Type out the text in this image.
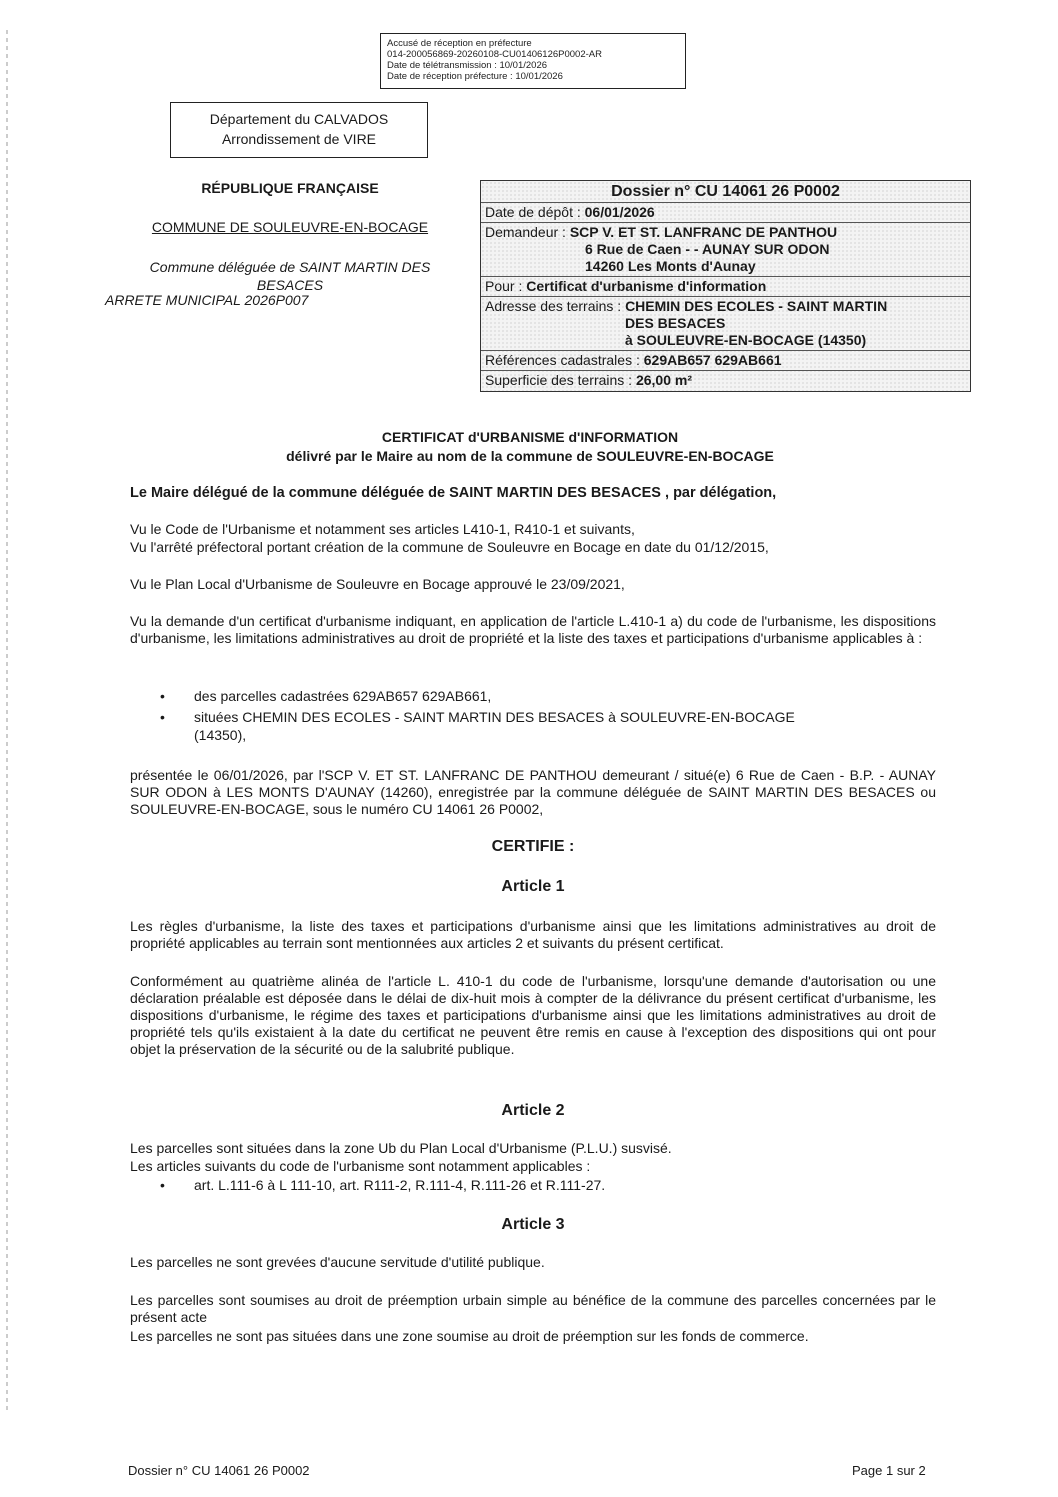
Accusé de réception en préfecture
014-200056869-20260108-CU01406126P0002-AR
Date de télétransmission : 10/01/2026
Date de réception préfecture : 10/01/2026
Département du CALVADOS
Arrondissement de VIRE
RÉPUBLIQUE FRANÇAISE
COMMUNE DE SOULEUVRE-EN-BOCAGE
Commune déléguée de SAINT MARTIN DES
BESACES
ARRETE MUNICIPAL 2026P007
Dossier n° CU 14061 26 P0002
Date de dépôt : 06/01/2026
Demandeur : SCP V. ET ST. LANFRANC DE PANTHOU
6 Rue de Caen - - AUNAY SUR ODON
14260 Les Monts d'Aunay
Pour : Certificat d'urbanisme d'information
Adresse des terrains : CHEMIN DES ECOLES - SAINT MARTIN
DES BESACES
à SOULEUVRE-EN-BOCAGE (14350)
Références cadastrales : 629AB657 629AB661
Superficie des terrains : 26,00 m²
CERTIFICAT d'URBANISME d'INFORMATION
délivré par le Maire au nom de la commune de SOULEUVRE-EN-BOCAGE
Le Maire délégué de la commune déléguée de SAINT MARTIN DES BESACES , par délégation,
Vu le Code de l'Urbanisme et notamment ses articles L410-1, R410-1 et suivants,
Vu l'arrêté préfectoral portant création de la commune de Souleuvre en Bocage en date du 01/12/2015,
Vu le Plan Local d'Urbanisme de Souleuvre en Bocage approuvé le 23/09/2021,
Vu la demande d'un certificat d'urbanisme indiquant, en application de l'article L.410-1 a) du code de l'urbanisme, les dispositions d'urbanisme, les limitations administratives au droit de propriété et la liste des taxes et participations d'urbanisme applicables à :
• des parcelles cadastrées 629AB657 629AB661,
• situées CHEMIN DES ECOLES - SAINT MARTIN DES BESACES à SOULEUVRE-EN-BOCAGE
(14350),
présentée le 06/01/2026, par l'SCP V. ET ST. LANFRANC DE PANTHOU demeurant / situé(e) 6 Rue de Caen - B.P. - AUNAY SUR ODON à LES MONTS D'AUNAY (14260), enregistrée par la commune déléguée de SAINT MARTIN DES BESACES ou SOULEUVRE-EN-BOCAGE, sous le numéro CU 14061 26 P0002,
CERTIFIE :
Article 1
Les règles d'urbanisme, la liste des taxes et participations d'urbanisme ainsi que les limitations administratives au droit de propriété applicables au terrain sont mentionnées aux articles 2 et suivants du présent certificat.
Conformément au quatrième alinéa de l'article L. 410-1 du code de l'urbanisme, lorsqu'une demande d'autorisation ou une déclaration préalable est déposée dans le délai de dix-huit mois à compter de la délivrance du présent certificat d'urbanisme, les dispositions d'urbanisme, le régime des taxes et participations d'urbanisme ainsi que les limitations administratives au droit de propriété tels qu'ils existaient à la date du certificat ne peuvent être remis en cause à l'exception des dispositions qui ont pour objet la préservation de la sécurité ou de la salubrité publique.
Article 2
Les parcelles sont situées dans la zone Ub du Plan Local d'Urbanisme (P.L.U.) susvisé.
Les articles suivants du code de l'urbanisme sont notamment applicables :
• art. L.111-6 à L 111-10, art. R111-2, R.111-4, R.111-26 et R.111-27.
Article 3
Les parcelles ne sont grevées d'aucune servitude d'utilité publique.
Les parcelles sont soumises au droit de préemption urbain simple au bénéfice de la commune des parcelles concernées par le présent acte
Les parcelles ne sont pas situées dans une zone soumise au droit de préemption sur les fonds de commerce.
Dossier n° CU 14061 26 P0002	Page 1 sur 2
